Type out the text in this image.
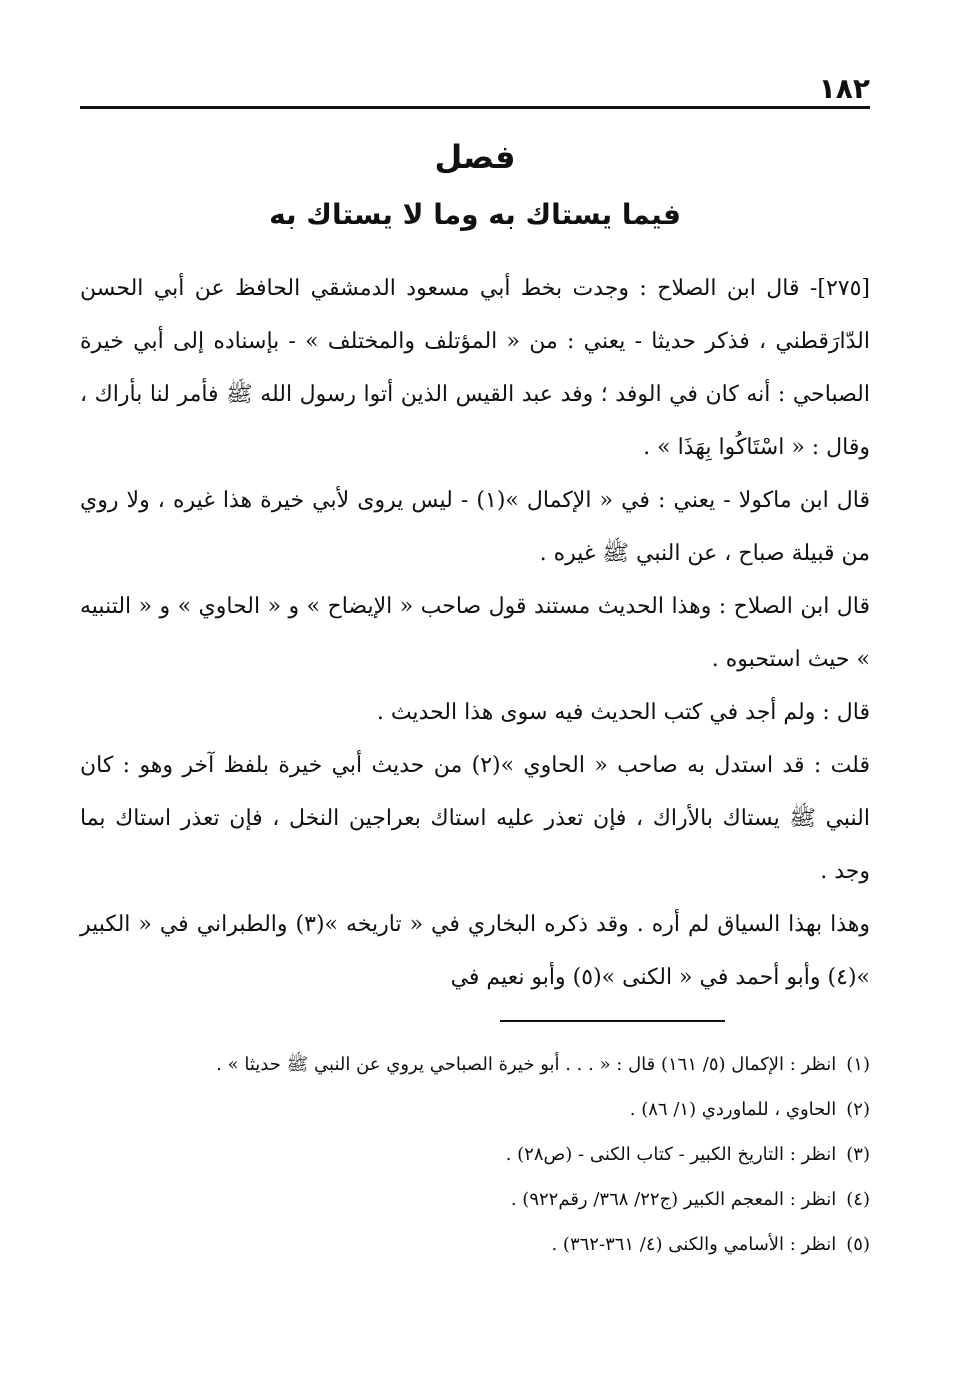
١٨٢
فصل
فيما يستاك به وما لا يستاك به

[٢٧٥]- قال ابن الصلاح : وجدت بخط أبي مسعود الدمشقي الحافظ عن أبي الحسن الدّارَقطني ، فذكر حديثا - يعني : من « المؤتلف والمختلف » - بإسناده إلى أبي خيرة الصباحي : أنه كان في الوفد ؛ وفد عبد القيس الذين أتوا رسول الله ﷺ فأمر لنا بأراك ، وقال : « اسْتَاكُوا بِهَذَا » .

قال ابن ماكولا - يعني : في « الإكمال »(١) - ليس يروى لأبي خيرة هذا غيره ، ولا روي من قبيلة صباح ، عن النبي ﷺ غيره .

قال ابن الصلاح : وهذا الحديث مستند قول صاحب « الإيضاح » و « الحاوي » و « التنبيه » حيث استحبوه .

قال : ولم أجد في كتب الحديث فيه سوى هذا الحديث .

قلت : قد استدل به صاحب « الحاوي »(٢) من حديث أبي خيرة بلفظ آخر وهو : كان النبي ﷺ يستاك بالأراك ، فإن تعذر عليه استاك بعراجين النخل ، فإن تعذر استاك بما وجد .

وهذا بهذا السياق لم أره . وقد ذكره البخاري في « تاريخه »(٣) والطبراني في « الكبير »(٤) وأبو أحمد في « الكنى »(٥) وأبو نعيم في

(١)انظر : الإكمال (٥/ ١٦١) قال : « . . . أبو خيرة الصباحي يروي عن النبي ﷺ حديثا » .

(٢)الحاوي ، للماوردي (١/ ٨٦) .

(٣)انظر : التاريخ الكبير - كتاب الكنى - (ص٢٨) .

(٤)انظر : المعجم الكبير (ج٢٢/ ٣٦٨/ رقم٩٢٢) .

(٥)انظر : الأسامي والكنى (٤/ ٣٦١-٣٦٢) .
